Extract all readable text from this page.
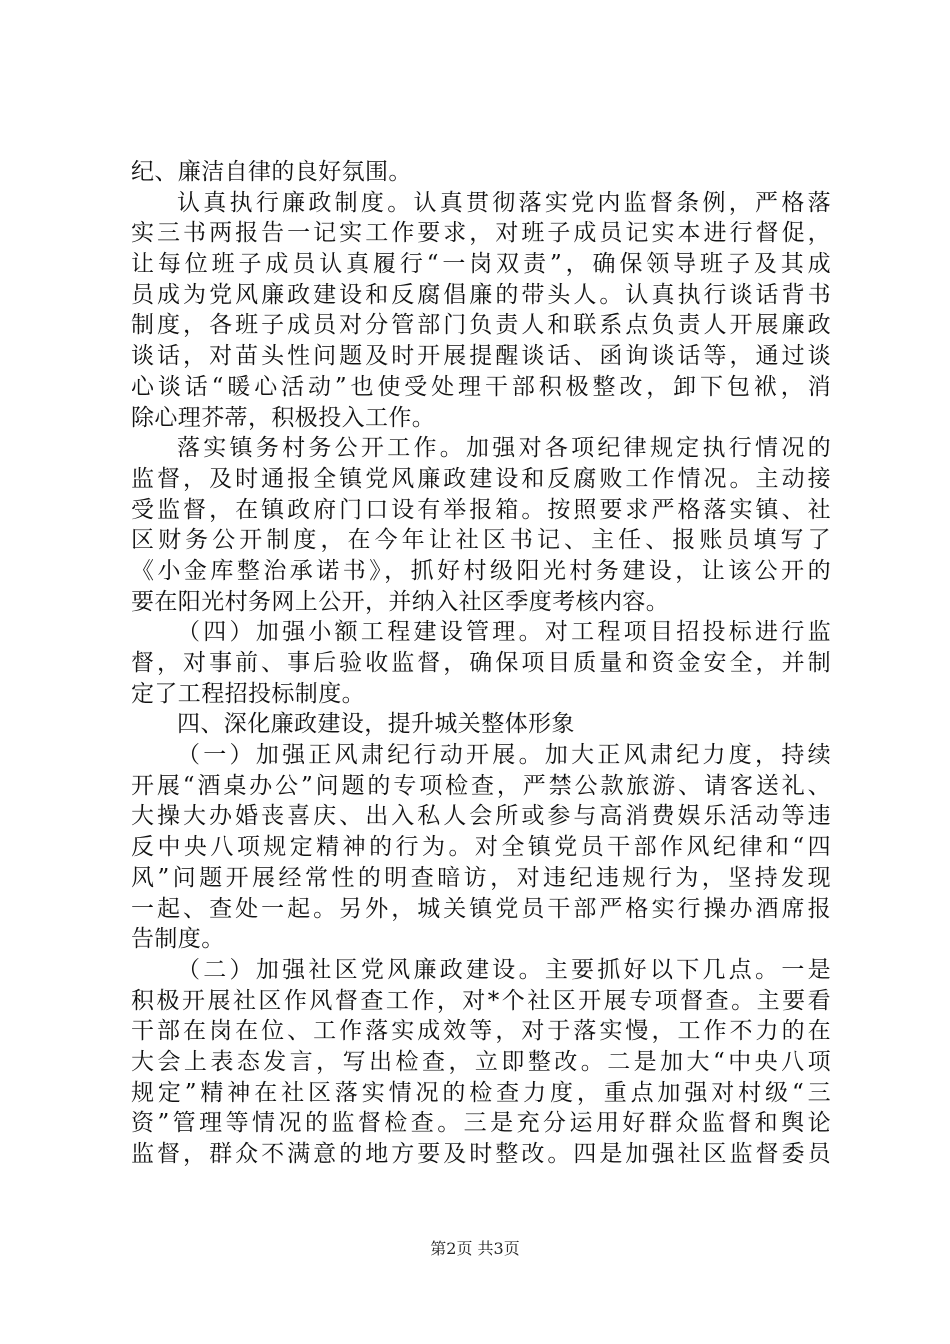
纪、廉洁自律的良好氛围。
认真执行廉政制度。认真贯彻落实党内监督条例，严格落
实三书两报告一记实工作要求，对班子成员记实本进行督促，
让每位班子成员认真履行“一岗双责”，确保领导班子及其成
员成为党风廉政建设和反腐倡廉的带头人。认真执行谈话背书
制度，各班子成员对分管部门负责人和联系点负责人开展廉政
谈话，对苗头性问题及时开展提醒谈话、函询谈话等，通过谈
心谈话“暖心活动”也使受处理干部积极整改，卸下包袱，消
除心理芥蒂，积极投入工作。
落实镇务村务公开工作。加强对各项纪律规定执行情况的
监督，及时通报全镇党风廉政建设和反腐败工作情况。主动接
受监督，在镇政府门口设有举报箱。按照要求严格落实镇、社
区财务公开制度，在今年让社区书记、主任、报账员填写了
《小金库整治承诺书》，抓好村级阳光村务建设，让该公开的
要在阳光村务网上公开，并纳入社区季度考核内容。
（四）加强小额工程建设管理。对工程项目招投标进行监
督，对事前、事后验收监督，确保项目质量和资金安全，并制
定了工程招投标制度。
四、深化廉政建设，提升城关整体形象
（一）加强正风肃纪行动开展。加大正风肃纪力度，持续
开展“酒桌办公”问题的专项检查，严禁公款旅游、请客送礼、
大操大办婚丧喜庆、出入私人会所或参与高消费娱乐活动等违
反中央八项规定精神的行为。对全镇党员干部作风纪律和“四
风”问题开展经常性的明查暗访，对违纪违规行为，坚持发现
一起、查处一起。另外，城关镇党员干部严格实行操办酒席报
告制度。
（二）加强社区党风廉政建设。主要抓好以下几点。一是
积极开展社区作风督查工作，对*个社区开展专项督查。主要看
干部在岗在位、工作落实成效等，对于落实慢，工作不力的在
大会上表态发言，写出检查，立即整改。二是加大“中央八项
规定”精神在社区落实情况的检查力度，重点加强对村级“三
资”管理等情况的监督检查。三是充分运用好群众监督和舆论
监督，群众不满意的地方要及时整改。四是加强社区监督委员
第2页 共3页
